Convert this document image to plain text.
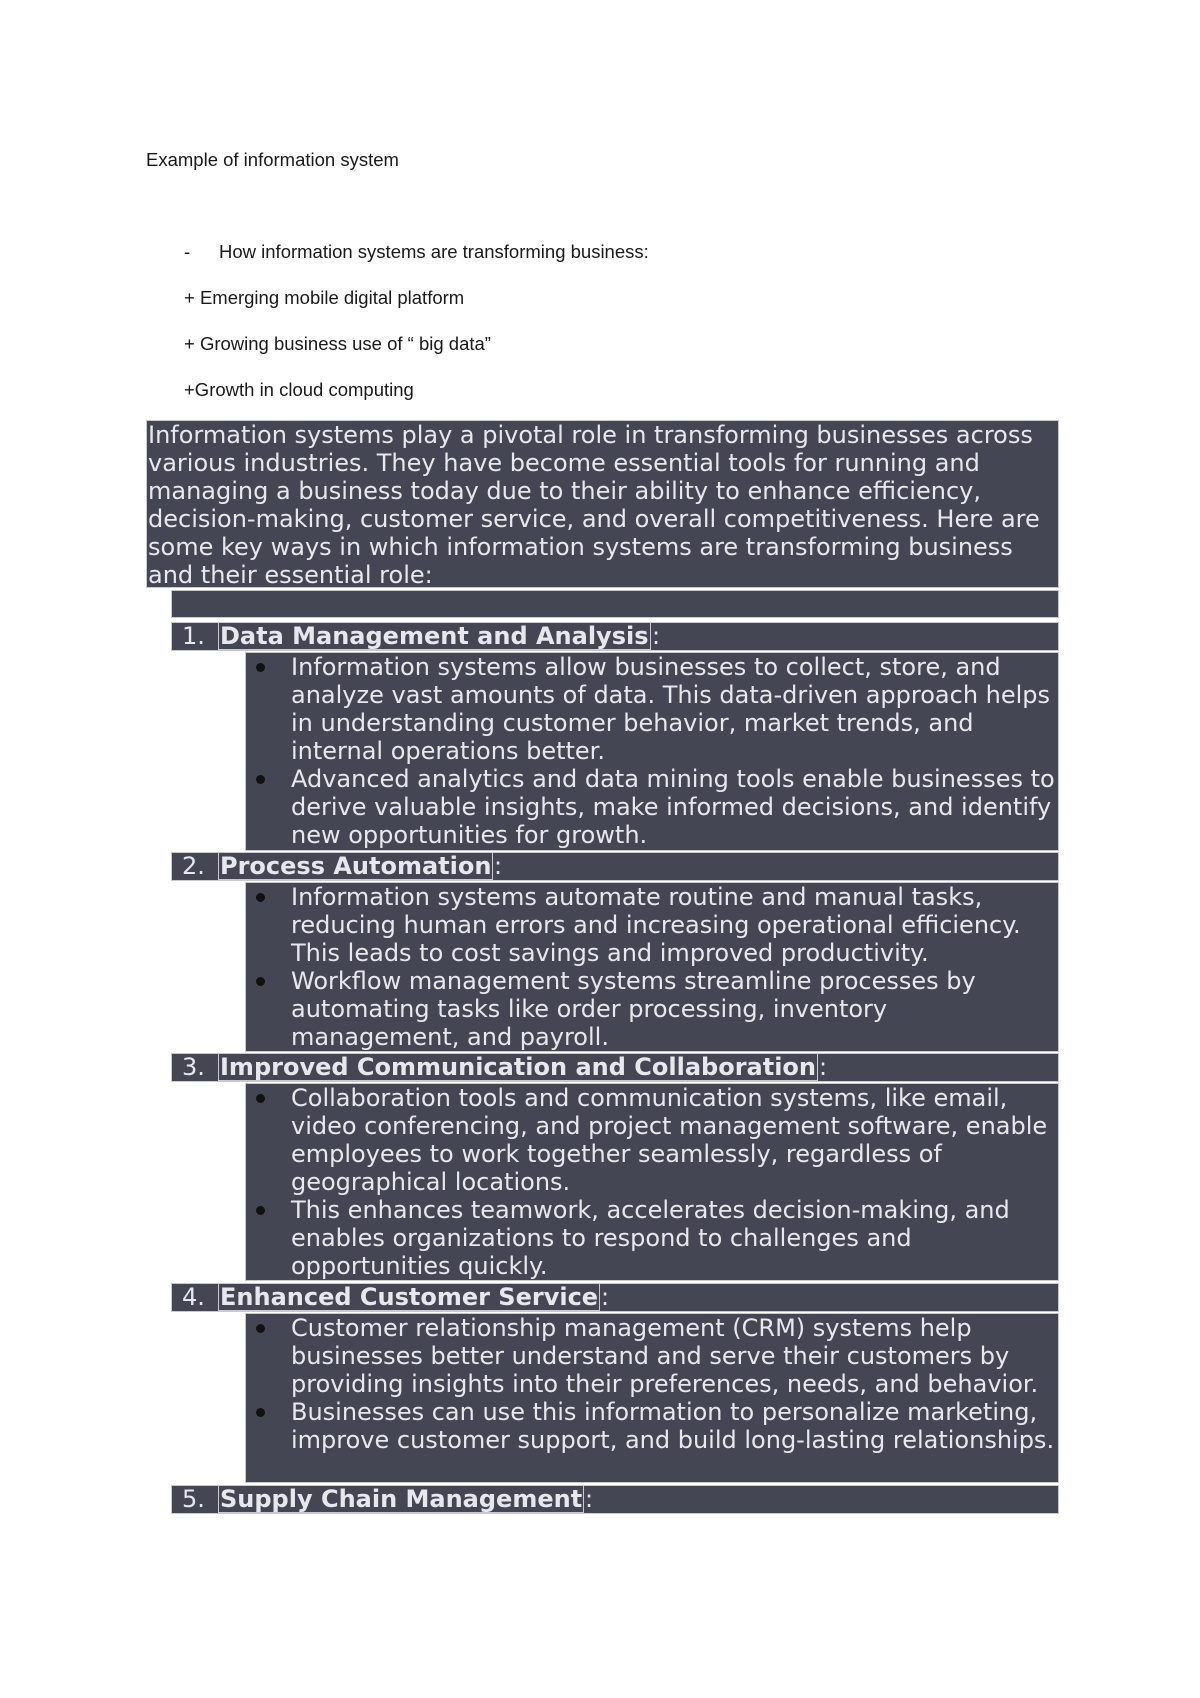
Example of information system
- How information systems are transforming business:
+ Emerging mobile digital platform
+ Growing business use of “ big data”
+Growth in cloud computing
Information systems play a pivotal role in transforming businesses across various industries. They have become essential tools for running and managing a business today due to their ability to enhance efficiency, decision-making, customer service, and overall competitiveness. Here are some key ways in which information systems are transforming business and their essential role:
1. Data Management and Analysis :
Information systems allow businesses to collect, store, and analyze vast amounts of data. This data-driven approach helps in understanding customer behavior, market trends, and internal operations better.
Advanced analytics and data mining tools enable businesses to derive valuable insights, make informed decisions, and identify new opportunities for growth.
2. Process Automation :
Information systems automate routine and manual tasks, reducing human errors and increasing operational efficiency. This leads to cost savings and improved productivity.
Workflow management systems streamline processes by automating tasks like order processing, inventory management, and payroll.
3. Improved Communication and Collaboration :
Collaboration tools and communication systems, like email, video conferencing, and project management software, enable employees to work together seamlessly, regardless of geographical locations.
This enhances teamwork, accelerates decision-making, and enables organizations to respond to challenges and opportunities quickly.
4. Enhanced Customer Service :
Customer relationship management (CRM) systems help businesses better understand and serve their customers by providing insights into their preferences, needs, and behavior.
Businesses can use this information to personalize marketing, improve customer support, and build long-lasting relationships.
5. Supply Chain Management :
